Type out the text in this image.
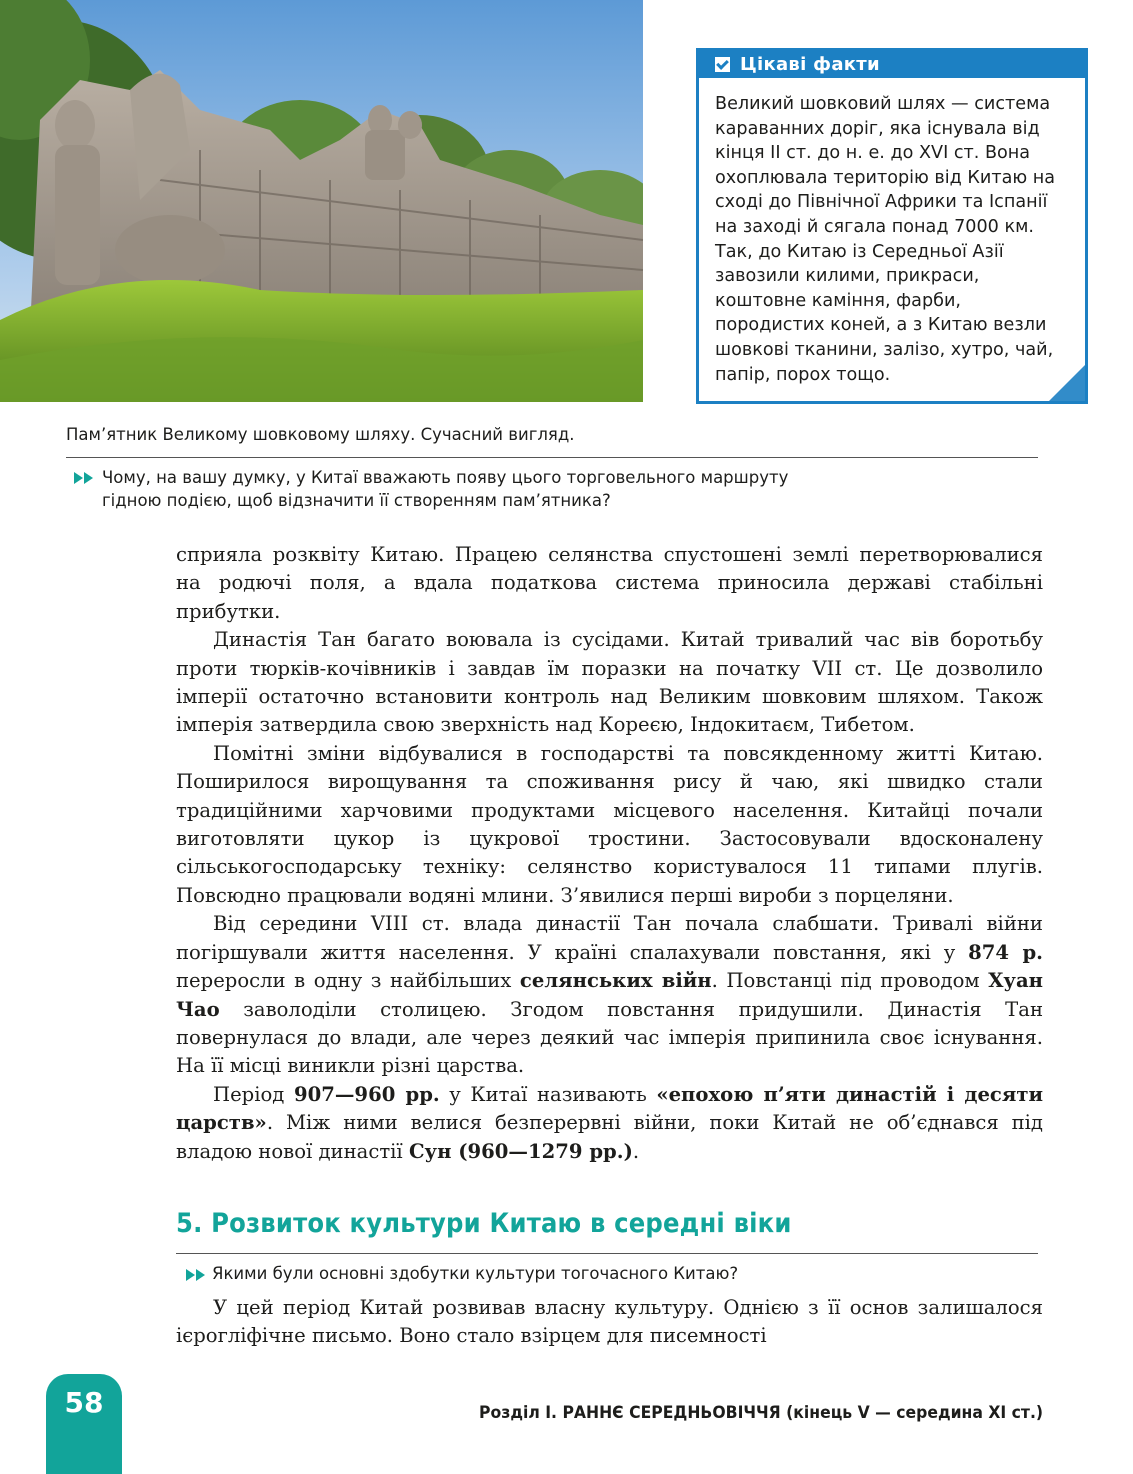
Цікаві факти
Великий шовковий шлях — система караванних доріг, яка існувала від кінця II ст. до н. е. до XVI ст. Вона охоплювала територію від Китаю на сході до Північної Африки та Іспанії на заході й сягала понад 7000 км. Так, до Китаю із Середньої Азії завозили килими, прикраси, коштовне каміння, фарби, породистих коней, а з Китаю везли шовкові тканини, залізо, хутро, чай, папір, порох тощо.
Пам’ятник Великому шовковому шляху. Сучасний вигляд.
Чому, на вашу думку, у Китаї вважають появу цього торговельного маршруту гідною подією, щоб відзначити її створенням пам’ятника?

сприяла розквіту Китаю. Працею селянства спустошені землі перетворювалися на родючі поля, а вдала податкова система приносила державі стабільні прибутки.

Династія Тан багато воювала із сусідами. Китай тривалий час вів боротьбу проти тюрків-кочівників і завдав їм поразки на початку VII ст. Це дозволило імперії остаточно встановити контроль над Великим шовковим шляхом. Також імперія затвердила свою зверхність над Кореєю, Індокитаєм, Тибетом.

Помітні зміни відбувалися в господарстві та повсякденному житті Китаю. Поширилося вирощування та споживання рису й чаю, які швидко стали традиційними харчовими продуктами місцевого населення. Китайці почали виготовляти цукор із цукрової тростини. Застосовували вдосконалену сільськогосподарську техніку: селянство користувалося 11 типами плугів. Повсюдно працювали водяні млини. З’явилися перші вироби з порцеляни.

Від середини VIII ст. влада династії Тан почала слабшати. Тривалі війни погіршували життя населення. У країні спалахували повстання, які у 874 р. переросли в одну з найбільших селянських війн. Повстанці під проводом Хуан Чао заволоділи столицею. Згодом повстання придушили. Династія Тан повернулася до влади, але через деякий час імперія припинила своє існування. На її місці виникли різні царства.

Період 907—960 рр. у Китаї називають «епохою п’яти династій і десяти царств». Між ними велися безперервні війни, поки Китай не об’єднався під владою нової династії Сун (960—1279 рр.).

5. Розвиток культури Китаю в середні віки
Якими були основні здобутки культури тогочасного Китаю?

У цей період Китай розвивав власну культуру. Однією з її основ залишалося ієрогліфічне письмо. Воно стало взірцем для писемності

58	Розділ І. РАННЄ СЕРЕДНЬОВІЧЧЯ (кінець V — середина XI ст.)
